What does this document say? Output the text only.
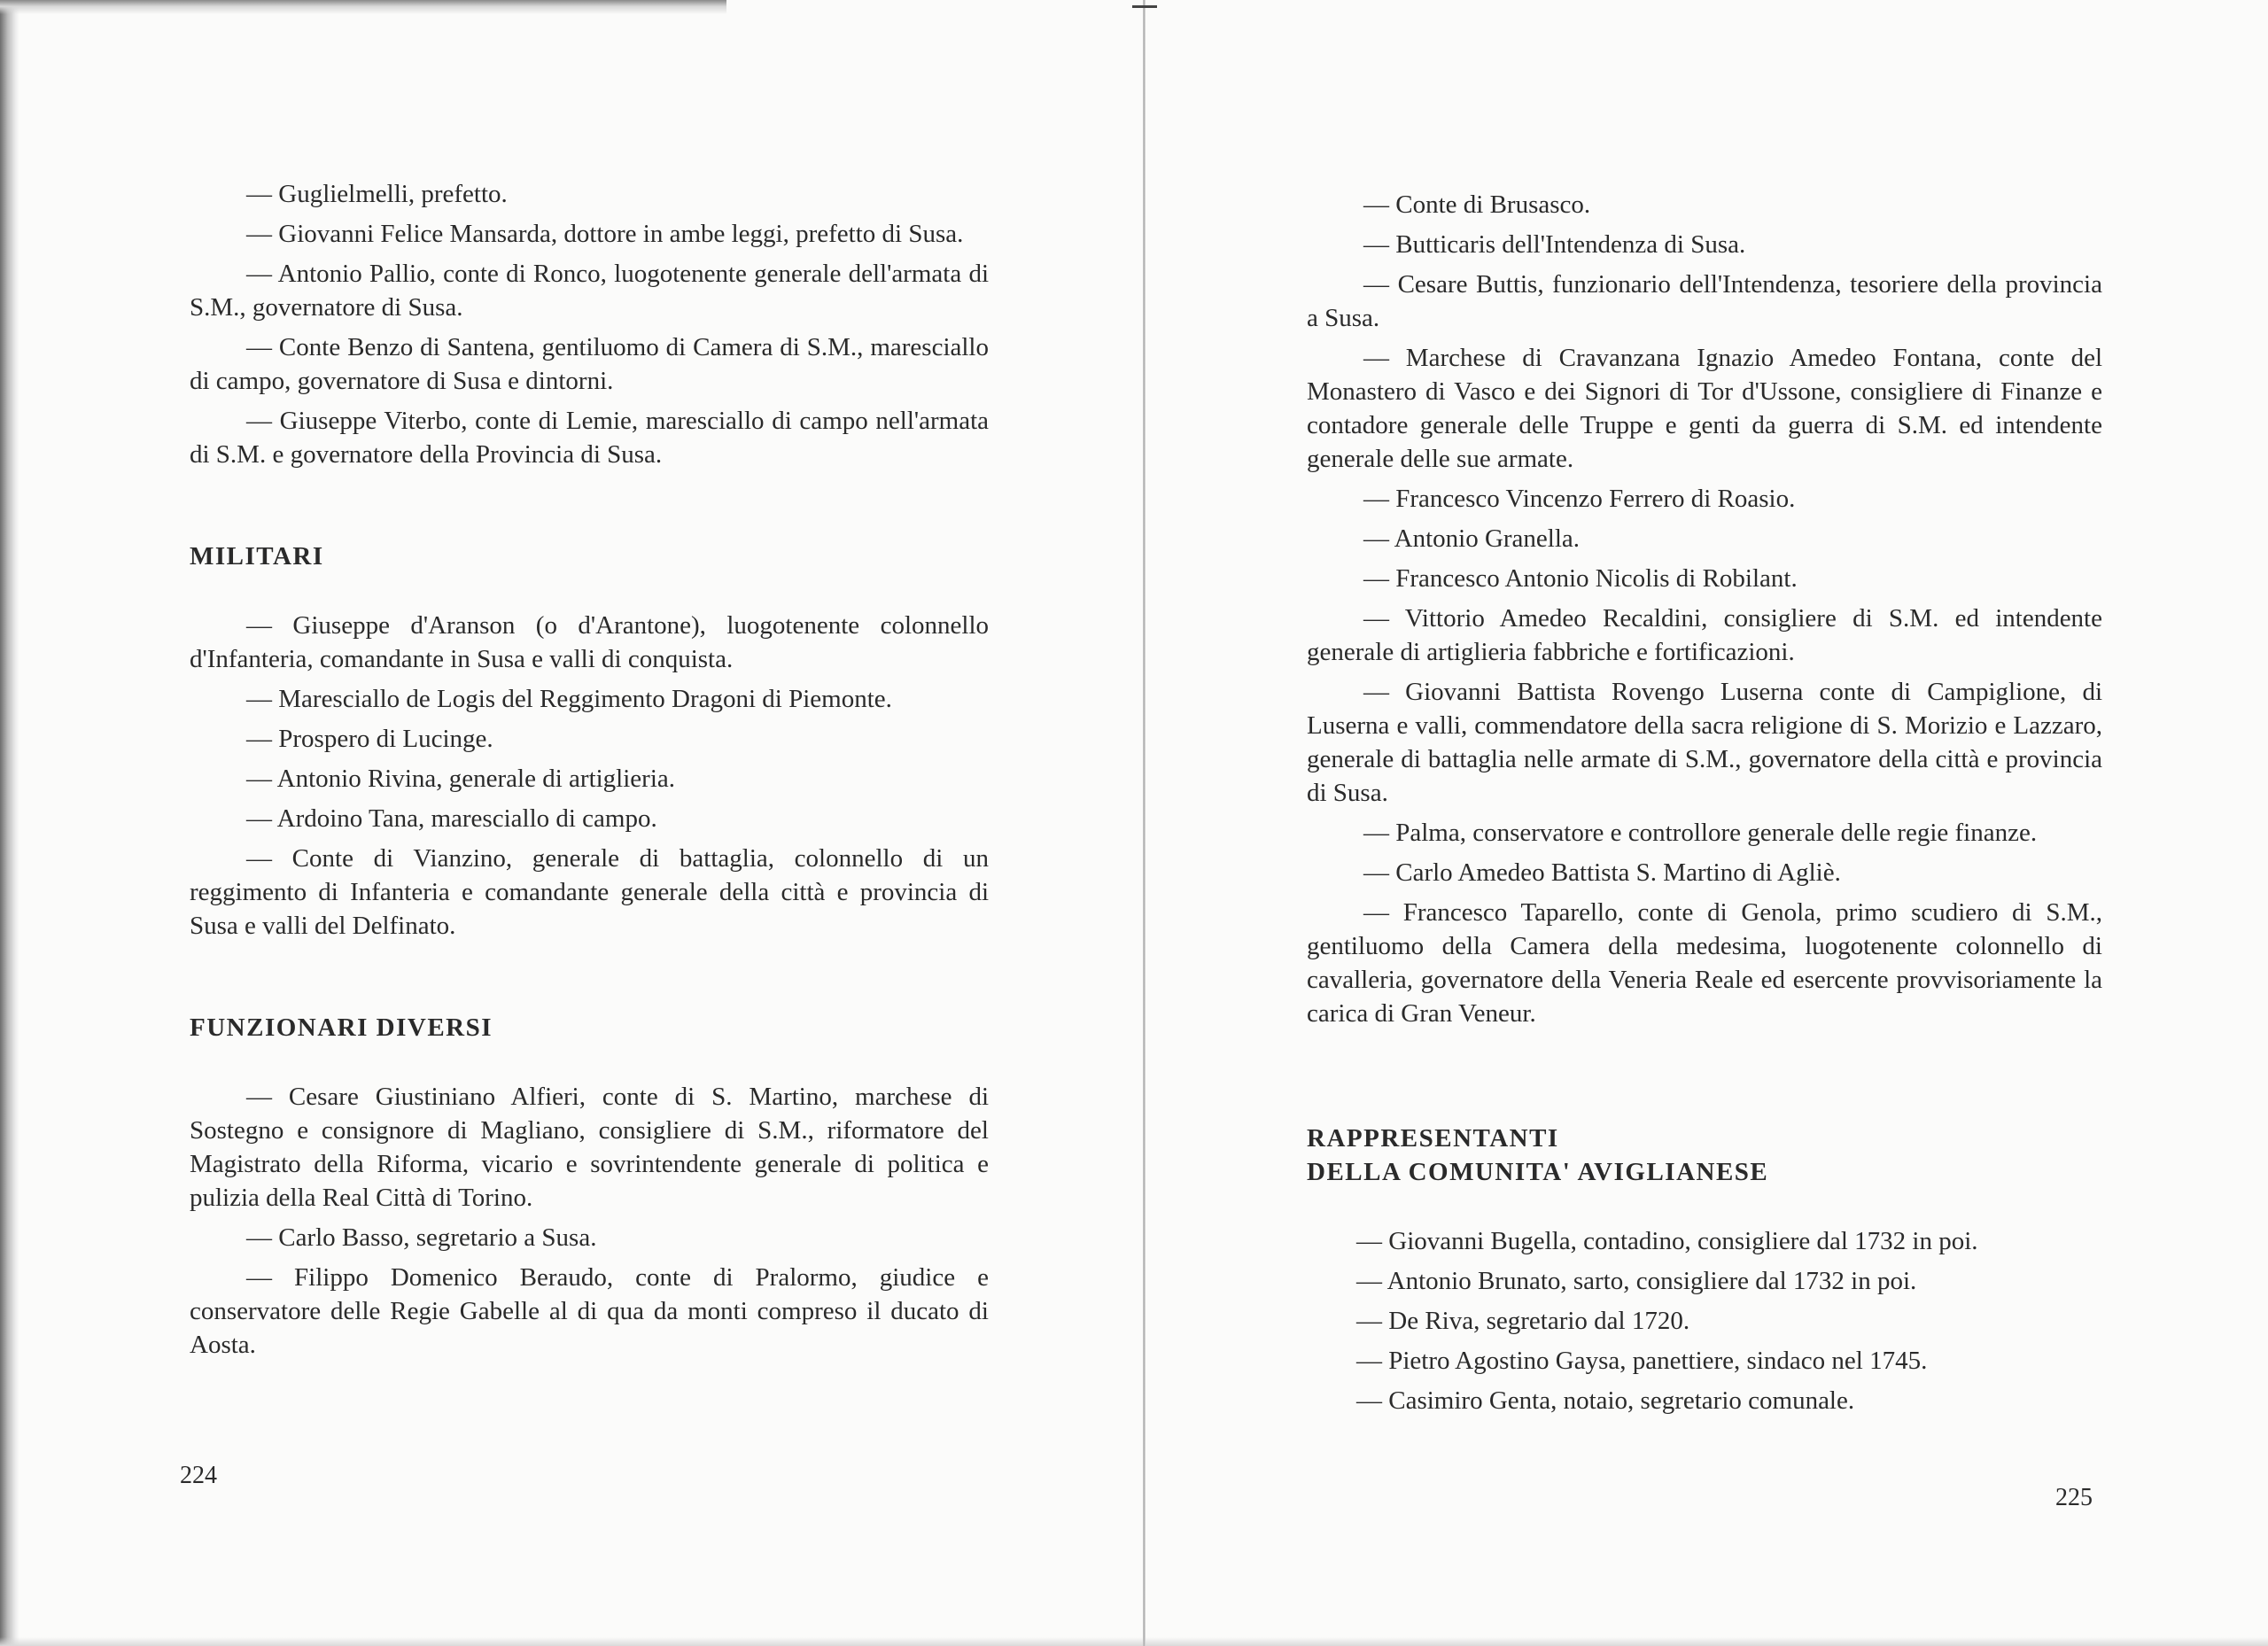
— Guglielmelli, prefetto.

— Giovanni Felice Mansarda, dottore in ambe leggi, prefetto di Susa.

— Antonio Pallio, conte di Ronco, luogotenente generale dell'armata di S.M., governatore di Susa.

— Conte Benzo di Santena, gentiluomo di Camera di S.M., maresciallo di campo, governatore di Susa e dintorni.

— Giuseppe Viterbo, conte di Lemie, maresciallo di campo nell'armata di S.M. e governatore della Provincia di Susa.

MILITARI

— Giuseppe d'Aranson (o d'Arantone), luogotenente colonnello d'Infanteria, comandante in Susa e valli di conquista.

— Maresciallo de Logis del Reggimento Dragoni di Piemonte.

— Prospero di Lucinge.

— Antonio Rivina, generale di artiglieria.

— Ardoino Tana, maresciallo di campo.

— Conte di Vianzino, generale di battaglia, colonnello di un reggimento di Infanteria e comandante generale della città e provincia di Susa e valli del Delfinato.

FUNZIONARI DIVERSI

— Cesare Giustiniano Alfieri, conte di S. Martino, marchese di Sostegno e consignore di Magliano, consigliere di S.M., riformatore del Magistrato della Riforma, vicario e sovrintendente generale di politica e pulizia della Real Città di Torino.

— Carlo Basso, segretario a Susa.

— Filippo Domenico Beraudo, conte di Pralormo, giudice e conservatore delle Regie Gabelle al di qua da monti compreso il ducato di Aosta.

224

— Conte di Brusasco.

— Butticaris dell'Intendenza di Susa.

— Cesare Buttis, funzionario dell'Intendenza, tesoriere della provincia a Susa.

— Marchese di Cravanzana Ignazio Amedeo Fontana, conte del Monastero di Vasco e dei Signori di Tor d'Ussone, consigliere di Finanze e contadore generale delle Truppe e genti da guerra di S.M. ed intendente generale delle sue armate.

— Francesco Vincenzo Ferrero di Roasio.

— Antonio Granella.

— Francesco Antonio Nicolis di Robilant.

— Vittorio Amedeo Recaldini, consigliere di S.M. ed intendente generale di artiglieria fabbriche e fortificazioni.

— Giovanni Battista Rovengo Luserna conte di Campiglione, di Luserna e valli, commendatore della sacra religione di S. Morizio e Lazzaro, generale di battaglia nelle armate di S.M., governatore della città e provincia di Susa.

— Palma, conservatore e controllore generale delle regie finanze.

— Carlo Amedeo Battista S. Martino di Agliè.

— Francesco Taparello, conte di Genola, primo scudiero di S.M., gentiluomo della Camera della medesima, luogotenente colonnello di cavalleria, governatore della Veneria Reale ed esercente provvisoriamente la carica di Gran Veneur.

RAPPRESENTANTI
DELLA COMUNITA' AVIGLIANESE

— Giovanni Bugella, contadino, consigliere dal 1732 in poi.

— Antonio Brunato, sarto, consigliere dal 1732 in poi.

— De Riva, segretario dal 1720.

— Pietro Agostino Gaysa, panettiere, sindaco nel 1745.

— Casimiro Genta, notaio, segretario comunale.

225
